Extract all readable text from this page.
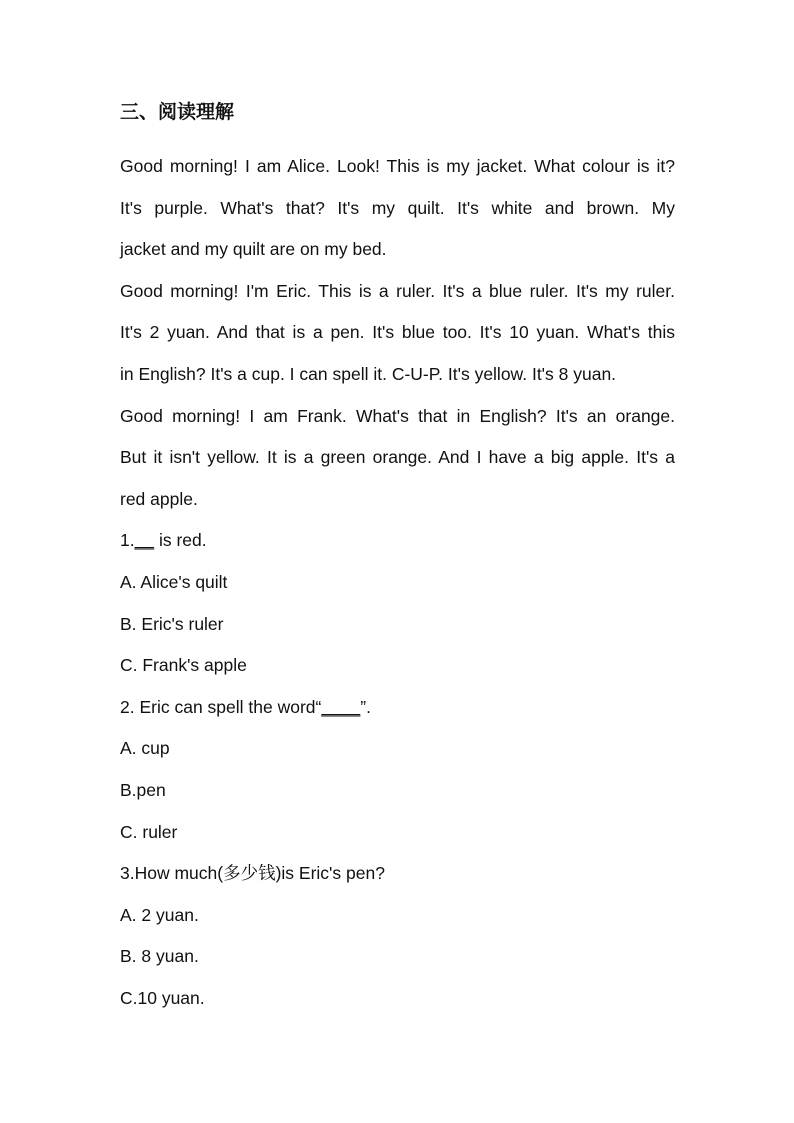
三、阅读理解
Good morning! I am Alice. Look! This is my jacket. What colour is it?
It's purple. What's that? It's my quilt. It's white and brown. My
jacket and my quilt are on my bed.
Good morning! I'm Eric. This is a ruler. It's a blue ruler. It's my ruler.
It's 2 yuan. And that is a pen. It's blue too. It's 10 yuan. What's this
in English? It's a cup. I can spell it. C-U-P. It's yellow. It's 8 yuan.
Good morning! I am Frank. What's that in English? It's an orange.
But it isn't yellow. It is a green orange. And I have a big apple. It's a
red apple.
1.__ is red.
A. Alice's quilt
B. Eric's ruler
C. Frank's apple
2. Eric can spell the word“____”.
A. cup
B.pen
C. ruler
3.How much(多少钱)is Eric's pen?
A. 2 yuan.
B. 8 yuan.
C.10 yuan.
